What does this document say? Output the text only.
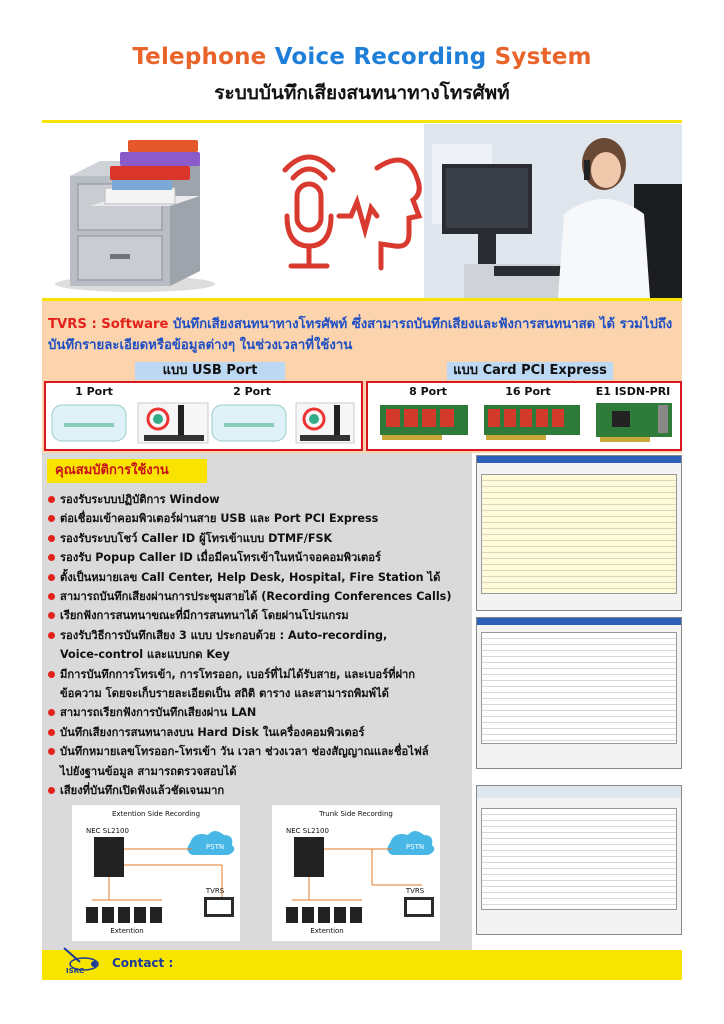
Telephone Voice Recording System
ระบบบันทึกเสียงสนทนาทางโทรศัพท์
TVRS : Software บันทึกเสียงสนทนาทางโทรศัพท์ ซึ่งสามารถบันทึกเสียงและฟังการสนทนาสด ได้ รวมไปถึงบันทึกรายละเอียดหรือข้อมูลต่างๆ ในช่วงเวลาที่ใช้งาน
แบบ USB Port	แบบ Card PCI Express
1 Port	2 Port	8 Port	16 Port	E1 ISDN-PRI
คุณสมบัติการใช้งาน
รองรับระบบปฏิบัติการ Window
ต่อเชื่อมเข้าคอมพิวเตอร์ผ่านสาย USB และ Port PCI Express
รองรับระบบโชว์ Caller ID ผู้โทรเข้าแบบ DTMF/FSK
รองรับ Popup Caller ID เมื่อมีคนโทรเข้าในหน้าจอคอมพิวเตอร์
ตั้งเป็นหมายเลข Call Center, Help Desk, Hospital, Fire Station ได้
สามารถบันทึกเสียงผ่านการประชุมสายได้ (Recording Conferences Calls)
เรียกฟังการสนทนาขณะที่มีการสนทนาได้ โดยผ่านโปรแกรม
รองรับวิธีการบันทึกเสียง 3 แบบ ประกอบด้วย : Auto-recording,
Voice-control และแบบกด Key
มีการบันทึกการโทรเข้า, การโทรออก, เบอร์ที่ไม่ได้รับสาย, และเบอร์ที่ฝาก
ข้อความ โดยจะเก็บรายละเอียดเป็น สถิติ ตาราง และสามารถพิมพ์ได้
สามารถเรียกฟังการบันทึกเสียงผ่าน LAN
บันทึกเสียงการสนทนาลงบน Hard Disk ในเครื่องคอมพิวเตอร์
บันทึกหมายเลขโทรออก-โทรเข้า วัน เวลา ช่วงเวลา ช่องสัญญาณและชื่อไฟล์
ไปยังฐานข้อมูล สามารถตรวจสอบได้
เสียงที่บันทึกเปิดฟังแล้วชัดเจนมาก
Extention Side Recording
NEC SL2100
TVRS
PSTN
Extention
Trunk Side Recording
NEC SL2100
TVRS
PSTN
Extention
ISRC
Contact :
